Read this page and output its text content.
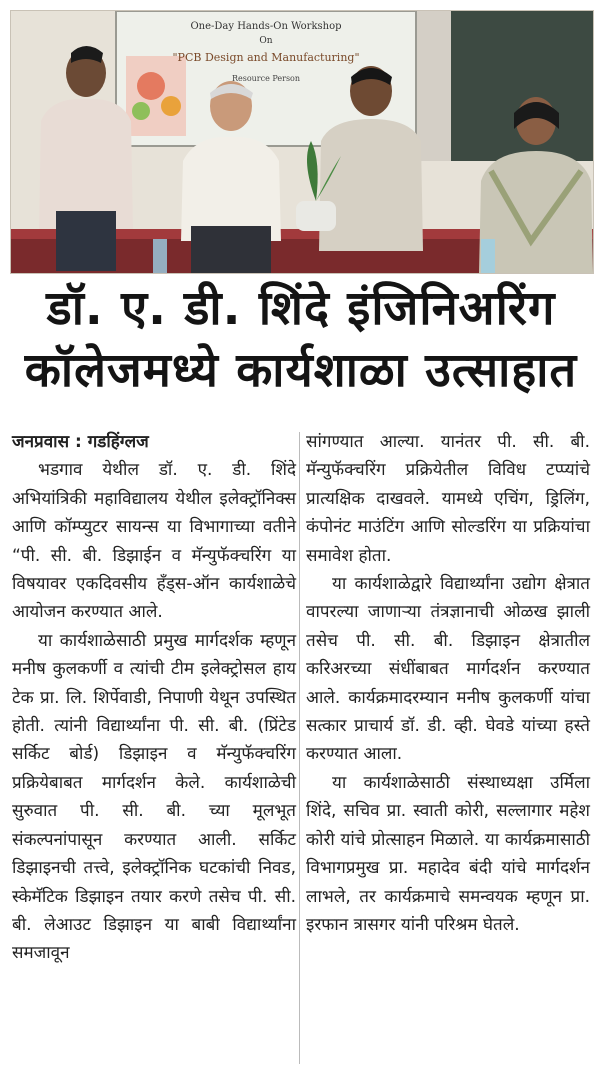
One-Day Hands-On Workshop
On
"PCB Design and Manufacturing"
Resource Person
डॉ. ए. डी. शिंदे इंजिनिअरिंग
कॉलेजमध्ये कार्यशाळा उत्साहात

जनप्रवास : गडहिंग्लज

भडगाव येथील डॉ. ए. डी. शिंदे अभियांत्रिकी महाविद्यालय येथील इलेक्ट्रॉनिक्स आणि कॉम्प्युटर सायन्स या विभागाच्या वतीने “पी. सी. बी. डिझाईन व मॅन्युफॅक्चरिंग या विषयावर एकदिवसीय हँड्स-ऑन कार्यशाळेचे आयोजन करण्यात आले.

या कार्यशाळेसाठी प्रमुख मार्गदर्शक म्हणून मनीष कुलकर्णी व त्यांची टीम इलेक्ट्रोसल हाय टेक प्रा. लि. शिर्पेवाडी, निपाणी येथून उपस्थित होती. त्यांनी विद्यार्थ्यांना पी. सी. बी. (प्रिंटेड सर्किट बोर्ड) डिझाइन व मॅन्युफॅक्चरिंग प्रक्रियेबाबत मार्गदर्शन केले. कार्यशाळेची सुरुवात पी. सी. बी. च्या मूलभूत संकल्पनांपासून करण्यात आली. सर्किट डिझाइनची तत्त्वे, इलेक्ट्रॉनिक घटकांची निवड, स्केमॅटिक डिझाइन तयार करणे तसेच पी. सी. बी. लेआउट डिझाइन या बाबी विद्यार्थ्यांना समजावून

सांगण्यात आल्या. यानंतर पी. सी. बी. मॅन्युफॅक्चरिंग प्रक्रियेतील विविध टप्प्यांचे प्रात्यक्षिक दाखवले. यामध्ये एचिंग, ड्रिलिंग, कंपोनंट माउंटिंग आणि सोल्डरिंग या प्रक्रियांचा समावेश होता.

या कार्यशाळेद्वारे विद्यार्थ्यांना उद्योग क्षेत्रात वापरल्या जाणाऱ्या तंत्रज्ञानाची ओळख झाली तसेच पी. सी. बी. डिझाइन क्षेत्रातील करिअरच्या संधींबाबत मार्गदर्शन करण्यात आले. कार्यक्रमादरम्यान मनीष कुलकर्णी यांचा सत्कार प्राचार्य डॉ. डी. व्ही. घेवडे यांच्या हस्ते करण्यात आला.

या कार्यशाळेसाठी संस्थाध्यक्षा उर्मिला शिंदे, सचिव प्रा. स्वाती कोरी, सल्लागार महेश कोरी यांचे प्रोत्साहन मिळाले. या कार्यक्रमासाठी विभागप्रमुख प्रा. महादेव बंदी यांचे मार्गदर्शन लाभले, तर कार्यक्रमाचे समन्वयक म्हणून प्रा. इरफान त्रासगर यांनी परिश्रम घेतले.
